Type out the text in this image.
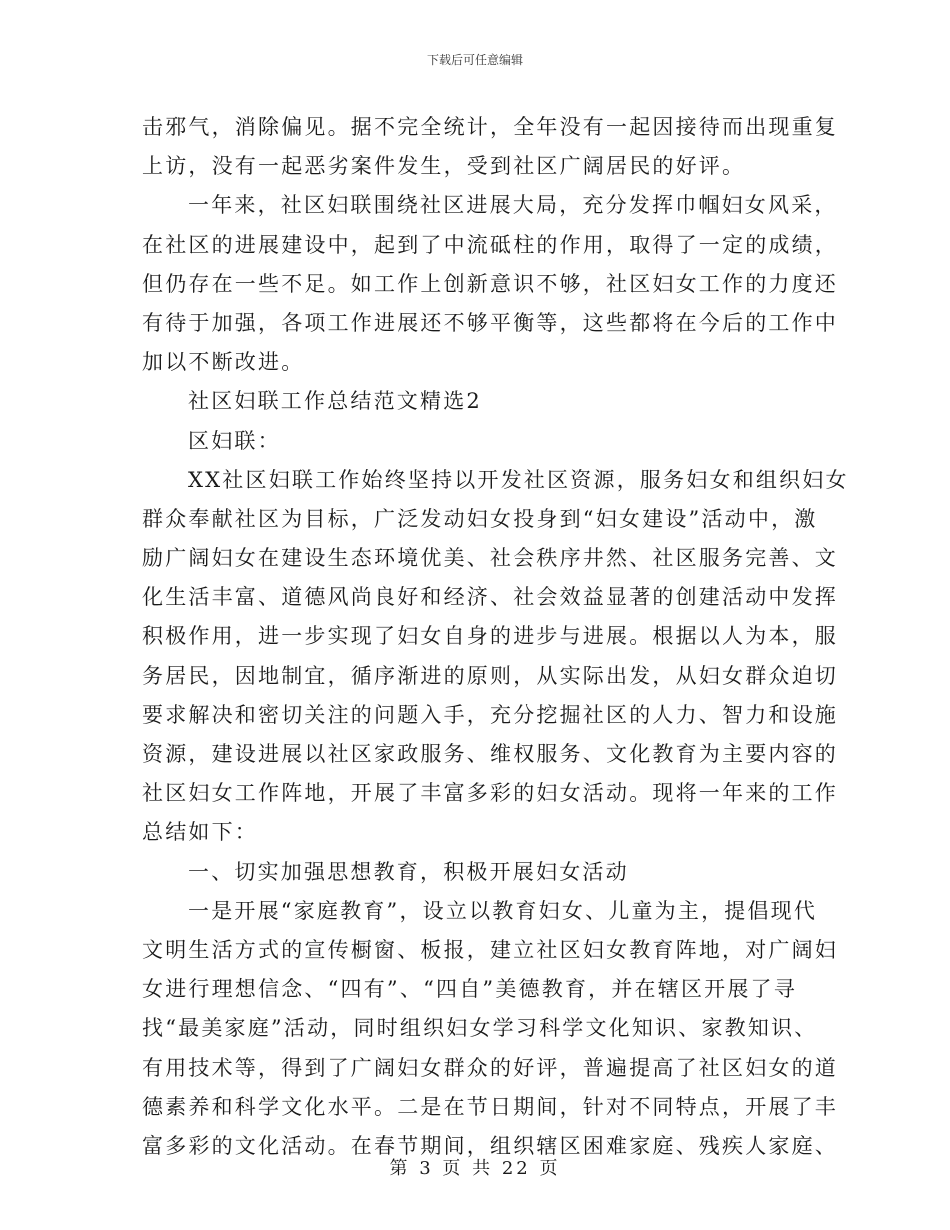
下载后可任意编辑
击邪气，消除偏见。据不完全统计，全年没有一起因接待而出现重复
上访，没有一起恶劣案件发生，受到社区广阔居民的好评。
一年来，社区妇联围绕社区进展大局，充分发挥巾帼妇女风采，
在社区的进展建设中，起到了中流砥柱的作用，取得了一定的成绩，
但仍存在一些不足。如工作上创新意识不够，社区妇女工作的力度还
有待于加强，各项工作进展还不够平衡等，这些都将在今后的工作中
加以不断改进。
社区妇联工作总结范文精选2
区妇联：
XX社区妇联工作始终坚持以开发社区资源，服务妇女和组织妇女
群众奉献社区为目标，广泛发动妇女投身到“妇女建设”活动中，激
励广阔妇女在建设生态环境优美、社会秩序井然、社区服务完善、文
化生活丰富、道德风尚良好和经济、社会效益显著的创建活动中发挥
积极作用，进一步实现了妇女自身的进步与进展。根据以人为本，服
务居民，因地制宜，循序渐进的原则，从实际出发，从妇女群众迫切
要求解决和密切关注的问题入手，充分挖掘社区的人力、智力和设施
资源，建设进展以社区家政服务、维权服务、文化教育为主要内容的
社区妇女工作阵地，开展了丰富多彩的妇女活动。现将一年来的工作
总结如下：
一、切实加强思想教育，积极开展妇女活动
一是开展“家庭教育”，设立以教育妇女、儿童为主，提倡现代
文明生活方式的宣传橱窗、板报，建立社区妇女教育阵地，对广阔妇
女进行理想信念、“四有”、“四自”美德教育，并在辖区开展了寻
找“最美家庭”活动，同时组织妇女学习科学文化知识、家教知识、
有用技术等，得到了广阔妇女群众的好评，普遍提高了社区妇女的道
德素养和科学文化水平。二是在节日期间，针对不同特点，开展了丰
富多彩的文化活动。在春节期间，组织辖区困难家庭、残疾人家庭、
第 3 页 共 22 页
